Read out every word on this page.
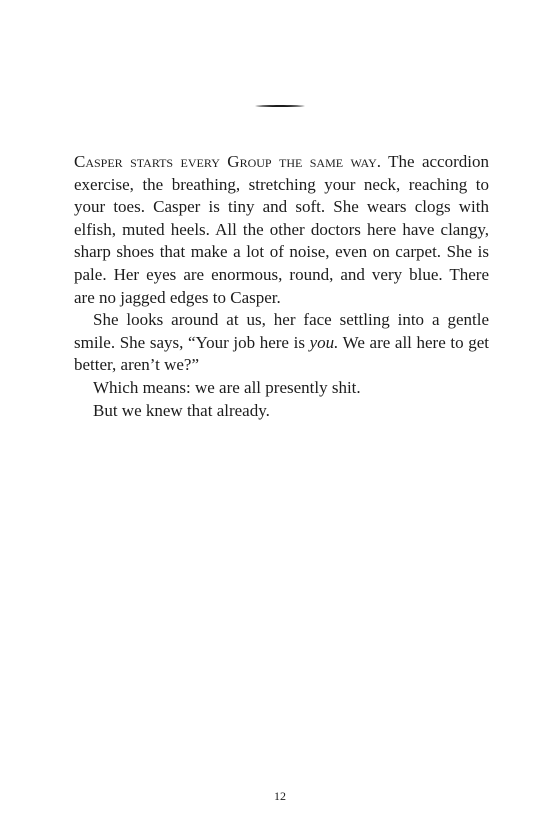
Casper starts every Group the same way. The accordion exercise, the breathing, stretching your neck, reaching to your toes. Casper is tiny and soft. She wears clogs with elfish, muted heels. All the other doctors here have clangy, sharp shoes that make a lot of noise, even on carpet. She is pale. Her eyes are enormous, round, and very blue. There are no jagged edges to Casper.

She looks around at us, her face settling into a gentle smile. She says, “Your job here is you. We are all here to get better, aren’t we?”

Which means: we are all presently shit.

But we knew that already.

12
